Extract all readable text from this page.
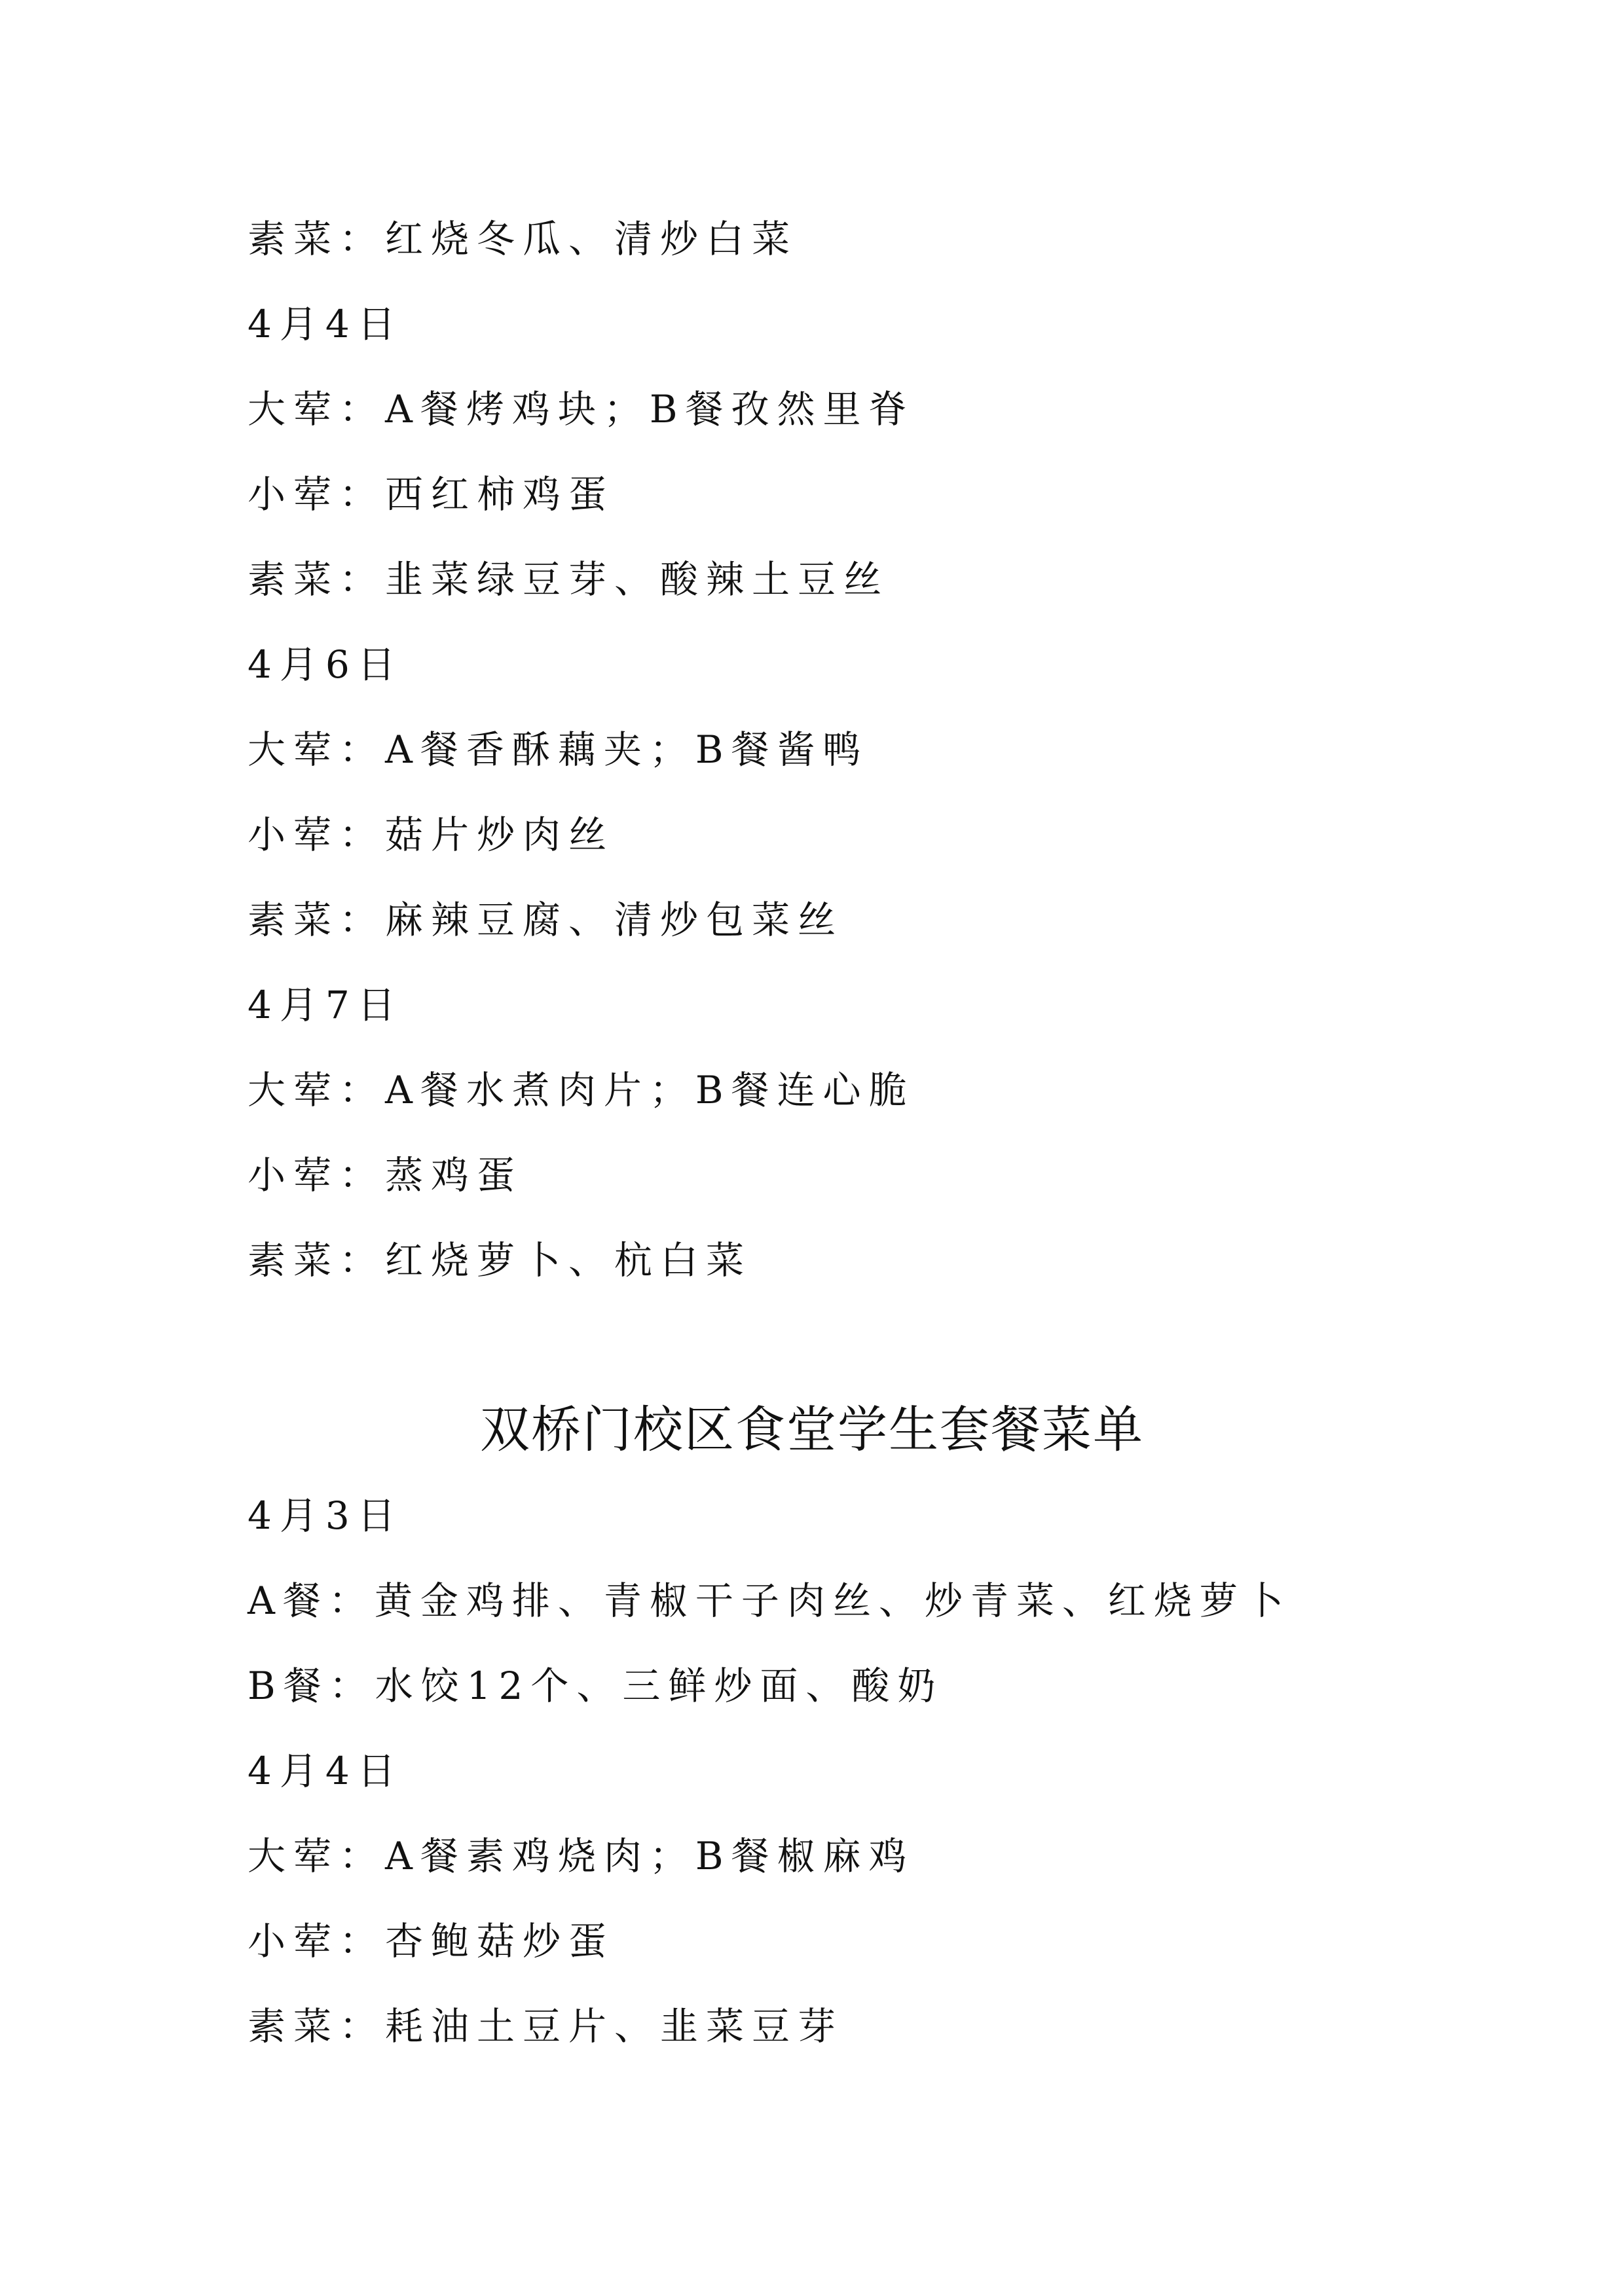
素菜：红烧冬瓜、清炒白菜
4月4日
大荤：A餐烤鸡块；B餐孜然里脊
小荤：西红柿鸡蛋
素菜：韭菜绿豆芽、酸辣土豆丝
4月6日
大荤：A餐香酥藕夹；B餐酱鸭
小荤：菇片炒肉丝
素菜：麻辣豆腐、清炒包菜丝
4月7日
大荤：A餐水煮肉片；B餐连心脆
小荤：蒸鸡蛋
素菜：红烧萝卜、杭白菜
双桥门校区食堂学生套餐菜单
4月3日
A餐：黄金鸡排、青椒干子肉丝、炒青菜、红烧萝卜
B餐：水饺12个、三鲜炒面、酸奶
4月4日
大荤：A餐素鸡烧肉；B餐椒麻鸡
小荤：杏鲍菇炒蛋
素菜：耗油土豆片、韭菜豆芽
